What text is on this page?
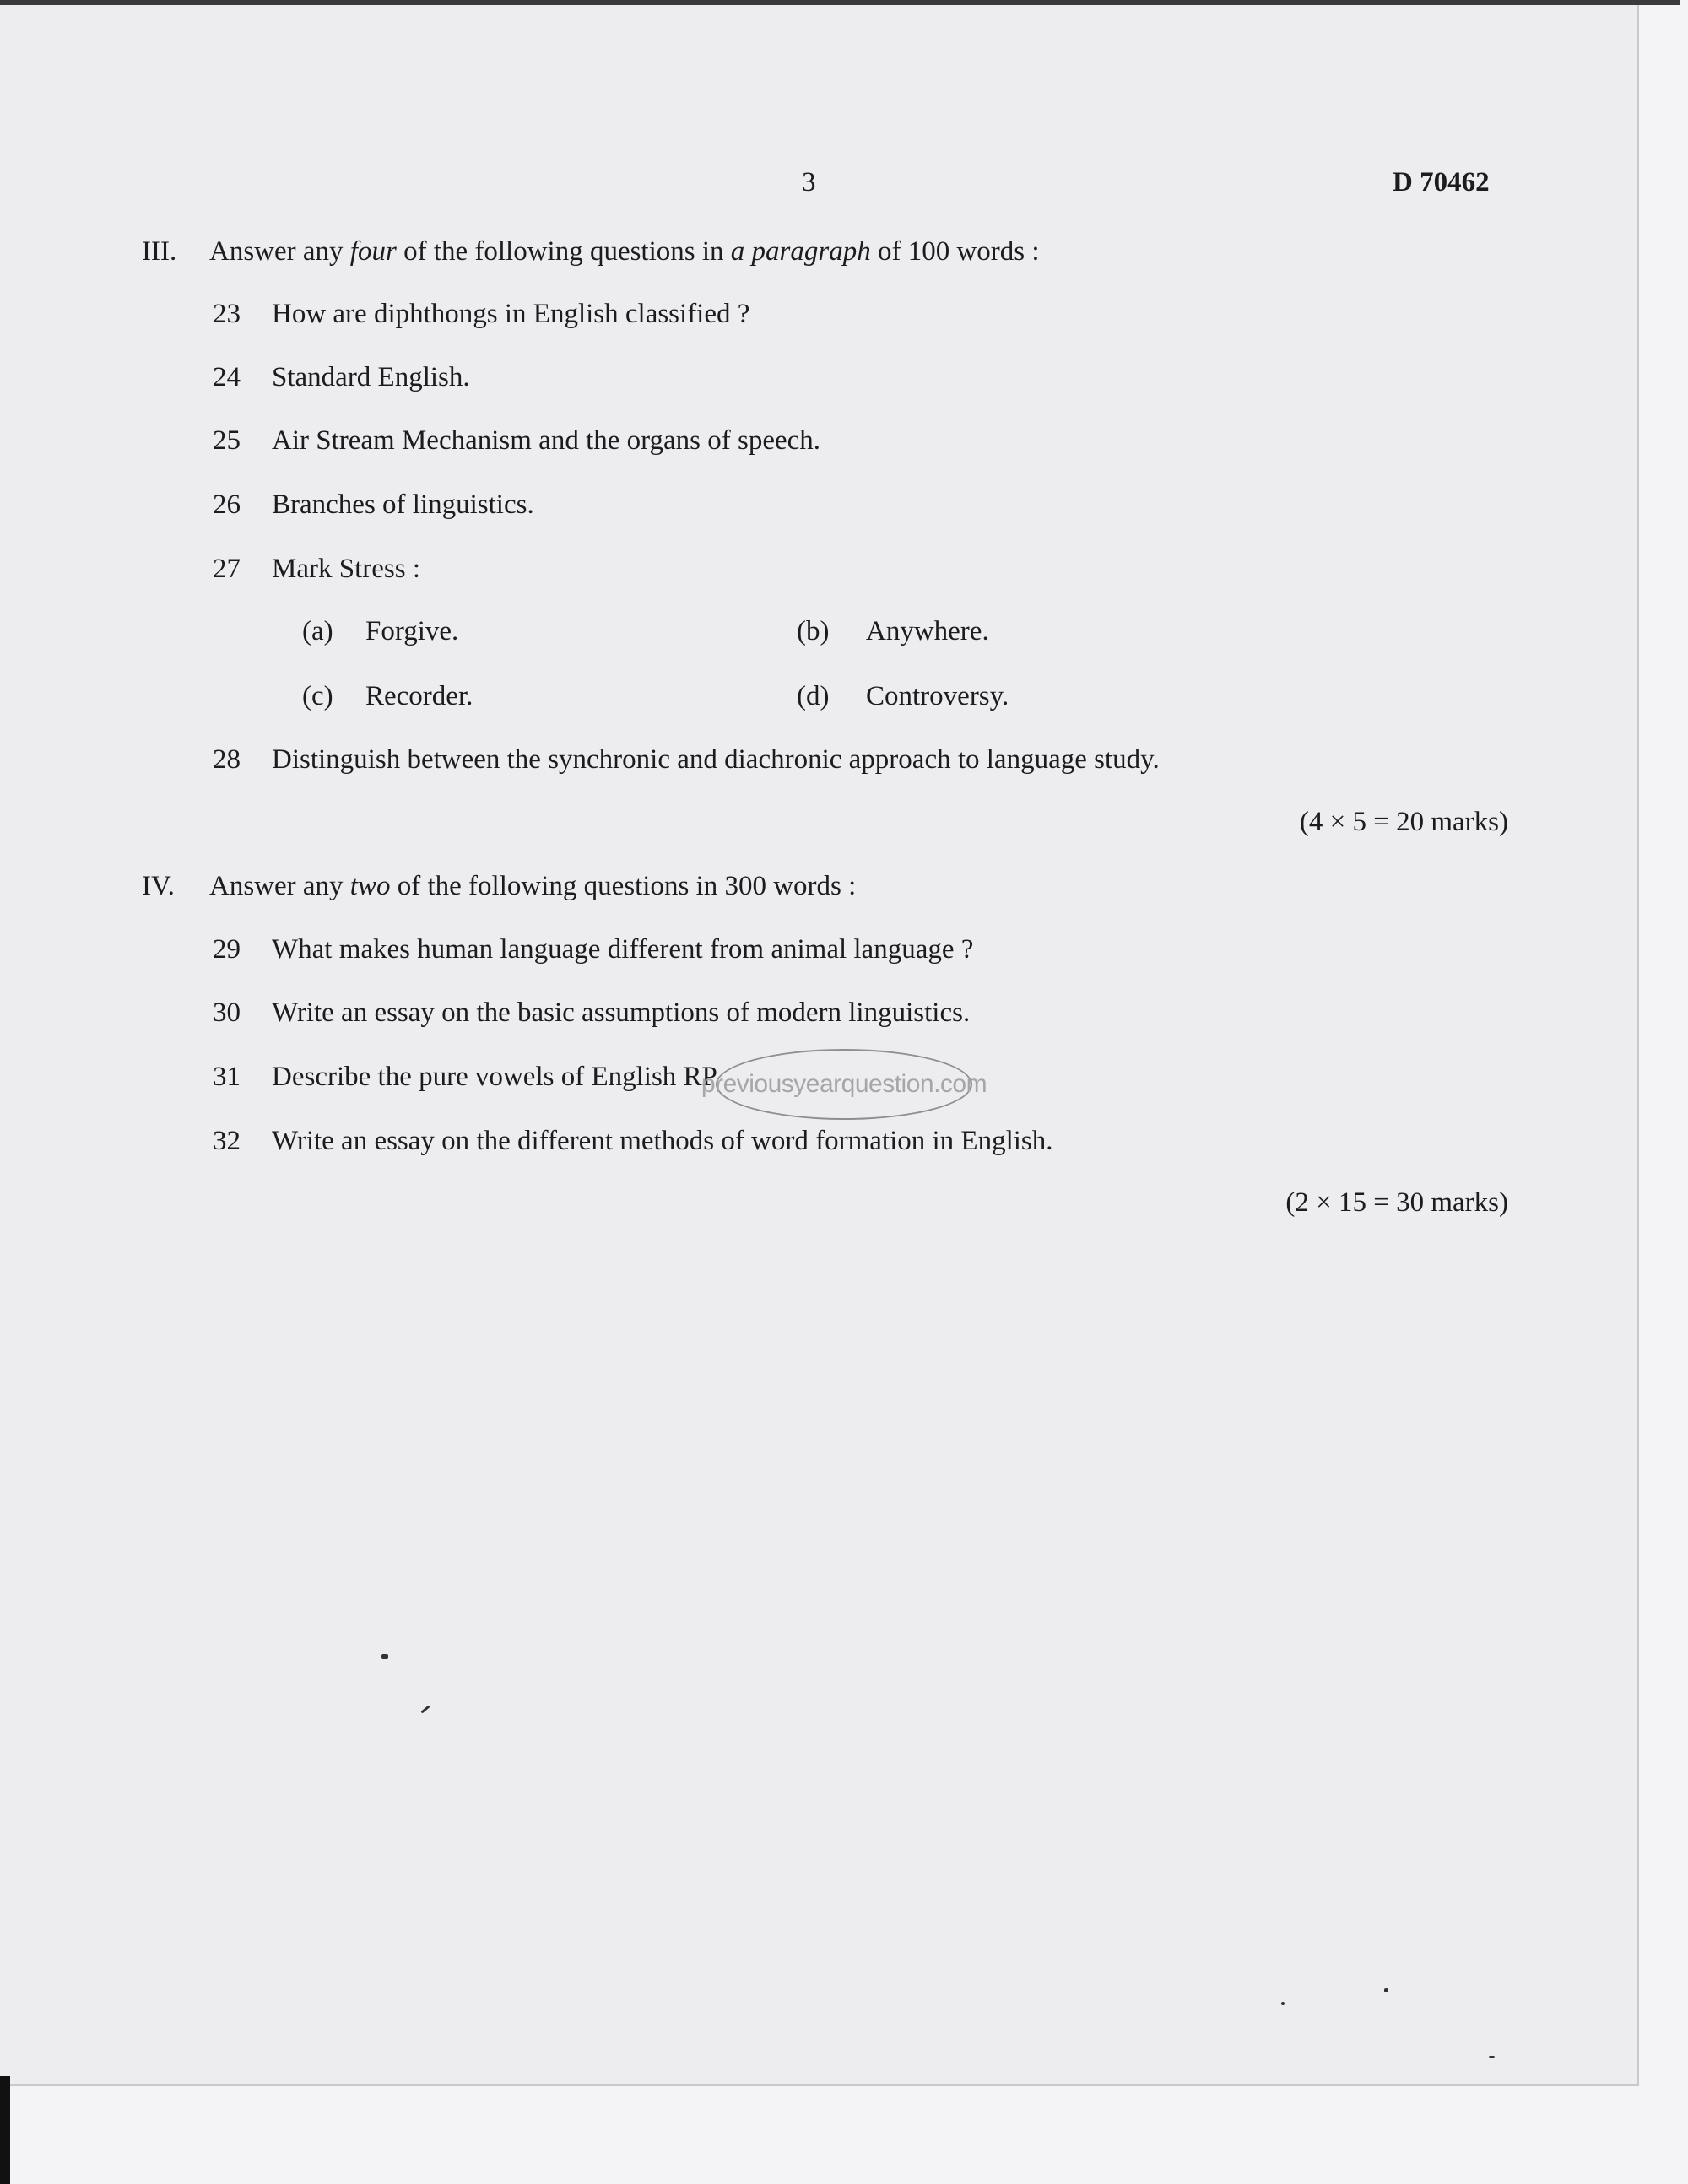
3	D 70462
III. Answer any four of the following questions in a paragraph of 100 words :
23 How are diphthongs in English classified ?
24 Standard English.
25 Air Stream Mechanism and the organs of speech.
26 Branches of linguistics.
27 Mark Stress :
(a) Forgive.	(b) Anywhere.
(c) Recorder.	(d) Controversy.
28 Distinguish between the synchronic and diachronic approach to language study.
(4 × 5 = 20 marks)
IV. Answer any two of the following questions in 300 words :
29 What makes human language different from animal language ?
30 Write an essay on the basic assumptions of modern linguistics.
31 Describe the pure vowels of English RP.
32 Write an essay on the different methods of word formation in English.
(2 × 15 = 30 marks)
previousyearquestion.com
